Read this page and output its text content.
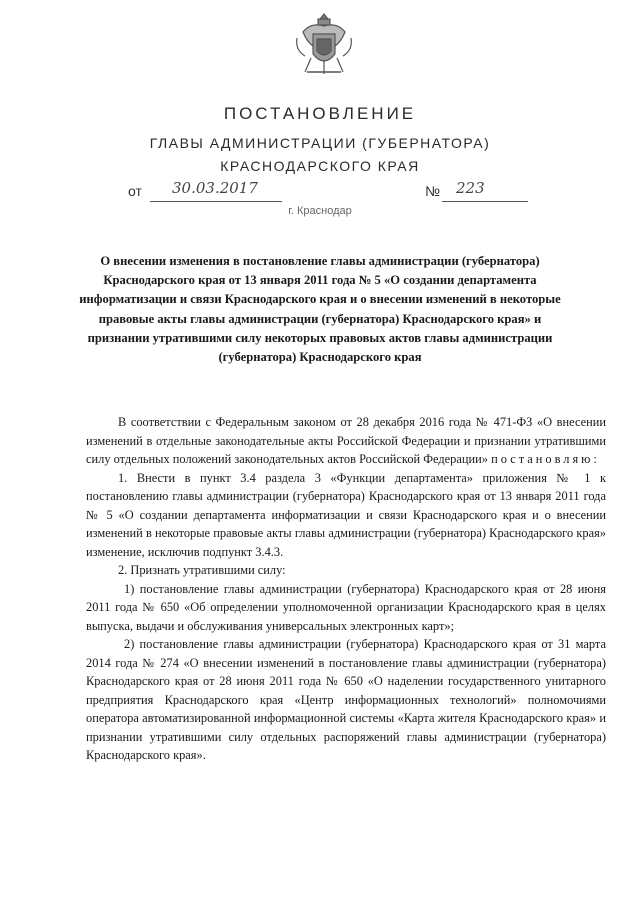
ПОСТАНОВЛЕНИЕ
ГЛАВЫ АДМИНИСТРАЦИИ (ГУБЕРНАТОРА)
КРАСНОДАРСКОГО КРАЯ
от 30.03.2017	№ 223
г. Краснодар
О внесении изменения в постановление главы администрации (губернатора) Краснодарского края от 13 января 2011 года № 5 «О создании департамента информатизации и связи Краснодарского края и о внесении изменений в некоторые правовые акты главы администрации (губернатора) Краснодарского края» и признании утратившими силу некоторых правовых актов главы администрации (губернатора) Краснодарского края

В соответствии с Федеральным законом от 28 декабря 2016 года № 471-ФЗ «О внесении изменений в отдельные законодательные акты Российской Федерации и признании утратившими силу отдельных положений законодательных актов Российской Федерации» постановляю:

1. Внести в пункт 3.4 раздела 3 «Функции департамента» приложения № 1 к постановлению главы администрации (губернатора) Краснодарского края от 13 января 2011 года № 5 «О создании департамента информатизации и связи Краснодарского края и о внесении изменений в некоторые правовые акты главы администрации (губернатора) Краснодарского края» изменение, исключив подпункт 3.4.3.

2. Признать утратившими силу:

1) постановление главы администрации (губернатора) Краснодарского края от 28 июня 2011 года № 650 «Об определении уполномоченной организации Краснодарского края в целях выпуска, выдачи и обслуживания универсальных электронных карт»;

2) постановление главы администрации (губернатора) Краснодарского края от 31 марта 2014 года № 274 «О внесении изменений в постановление главы администрации (губернатора) Краснодарского края от 28 июня 2011 года № 650 «О наделении государственного унитарного предприятия Краснодарского края «Центр информационных технологий» полномочиями оператора автоматизированной информационной системы «Карта жителя Краснодарского края» и признании утратившими силу отдельных распоряжений главы администрации (губернатора) Краснодарского края».
